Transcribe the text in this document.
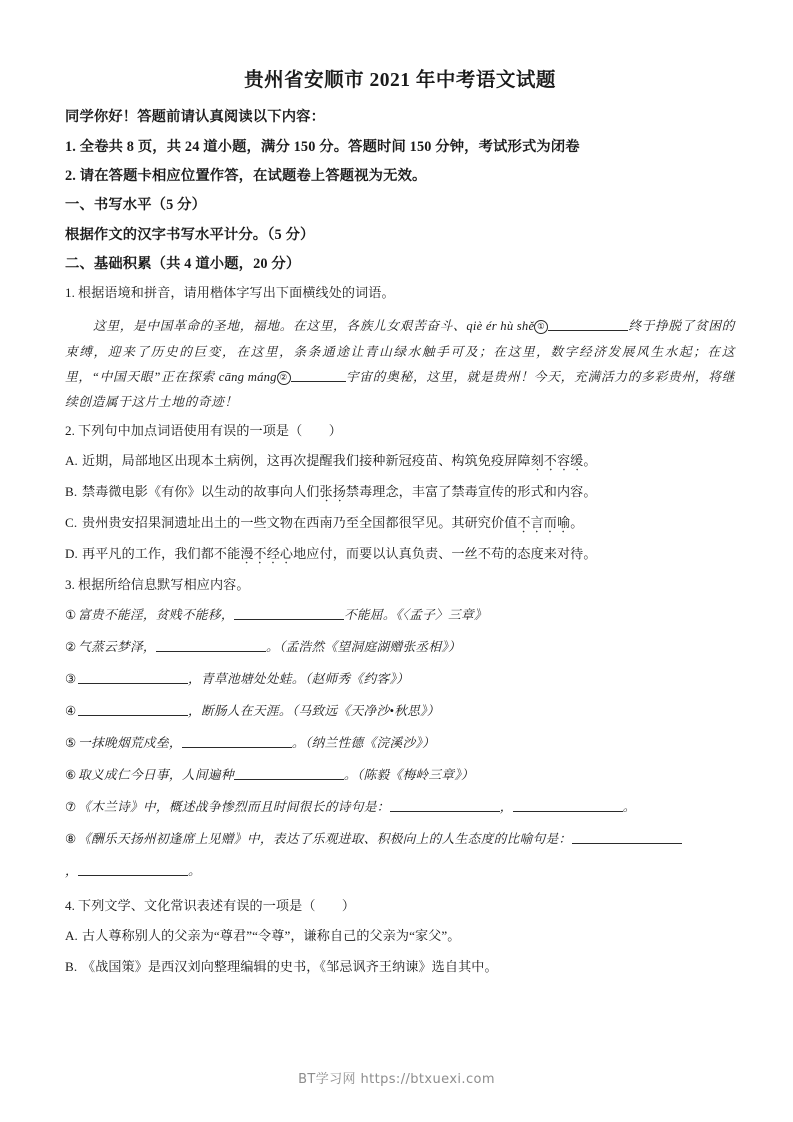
贵州省安顺市 2021 年中考语文试题
同学你好！答题前请认真阅读以下内容：
1. 全卷共 8 页，共 24 道小题，满分 150 分。答题时间 150 分钟，考试形式为闭卷
2. 请在答题卡相应位置作答，在试题卷上答题视为无效。
一、书写水平（5 分）
根据作文的汉字书写水平计分。（5 分）
二、基础积累（共 4 道小题，20 分）
1. 根据语境和拼音，请用楷体字写出下面横线处的词语。
这里，是中国革命的圣地，福地。在这里，各族儿女艰苦奋斗、qiè ér hù shě ①	终于挣脱了贫困的束缚，迎来了历史的巨变，在这里，条条通途让青山绿水触手可及；在这里，数字经济发展风生水起；在这里，“中国天眼”正在探索 cāng máng ②	宇宙的奥秘，这里，就是贵州！今天，充满活力的多彩贵州，将继续创造属于这片土地的奇迹！
2. 下列句中加点词语使用有误的一项是（　　）
A. 近期，局部地区出现本土病例，这再次提醒我们接种新冠疫苗、构筑免疫屏障刻不容缓。
B. 禁毒微电影《有你》以生动的故事向人们张扬禁毒理念，丰富了禁毒宣传的形式和内容。
C. 贵州贵安招果洞遗址出土的一些文物在西南乃至全国都很罕见。其研究价值不言而喻。
D. 再平凡的工作，我们都不能漫不经心地应付，而要以认真负责、一丝不苟的态度来对待。
3. 根据所给信息默写相应内容。
①富贵不能淫，贫贱不能移，	不能屈。《〈孟子〉三章》
②气蒸云梦泽，	。（孟浩然《望洞庭湖赠张丞相》）
③	，青草池塘处处蛙。（赵师秀《约客》）
④	，断肠人在天涯。（马致远《天净沙•秋思》）
⑤一抹晚烟荒戍垒，	。（纳兰性德《浣溪沙》）
⑥取义成仁今日事，人间遍种	。（陈毅《梅岭三章》）
⑦《木兰诗》中，概述战争惨烈而且时间很长的诗句是：	，	。
⑧《酬乐天扬州初逢席上见赠》中，表达了乐观进取、积极向上的人生态度的比喻句是：
，	。
4. 下列文学、文化常识表述有误的一项是（　　）
A. 古人尊称别人的父亲为“尊君”“令尊”，谦称自己的父亲为“家父”。
B. 《战国策》是西汉刘向整理编辑的史书，《邹忌讽齐王纳谏》选自其中。
BT学习网 https://btxuexi.com
